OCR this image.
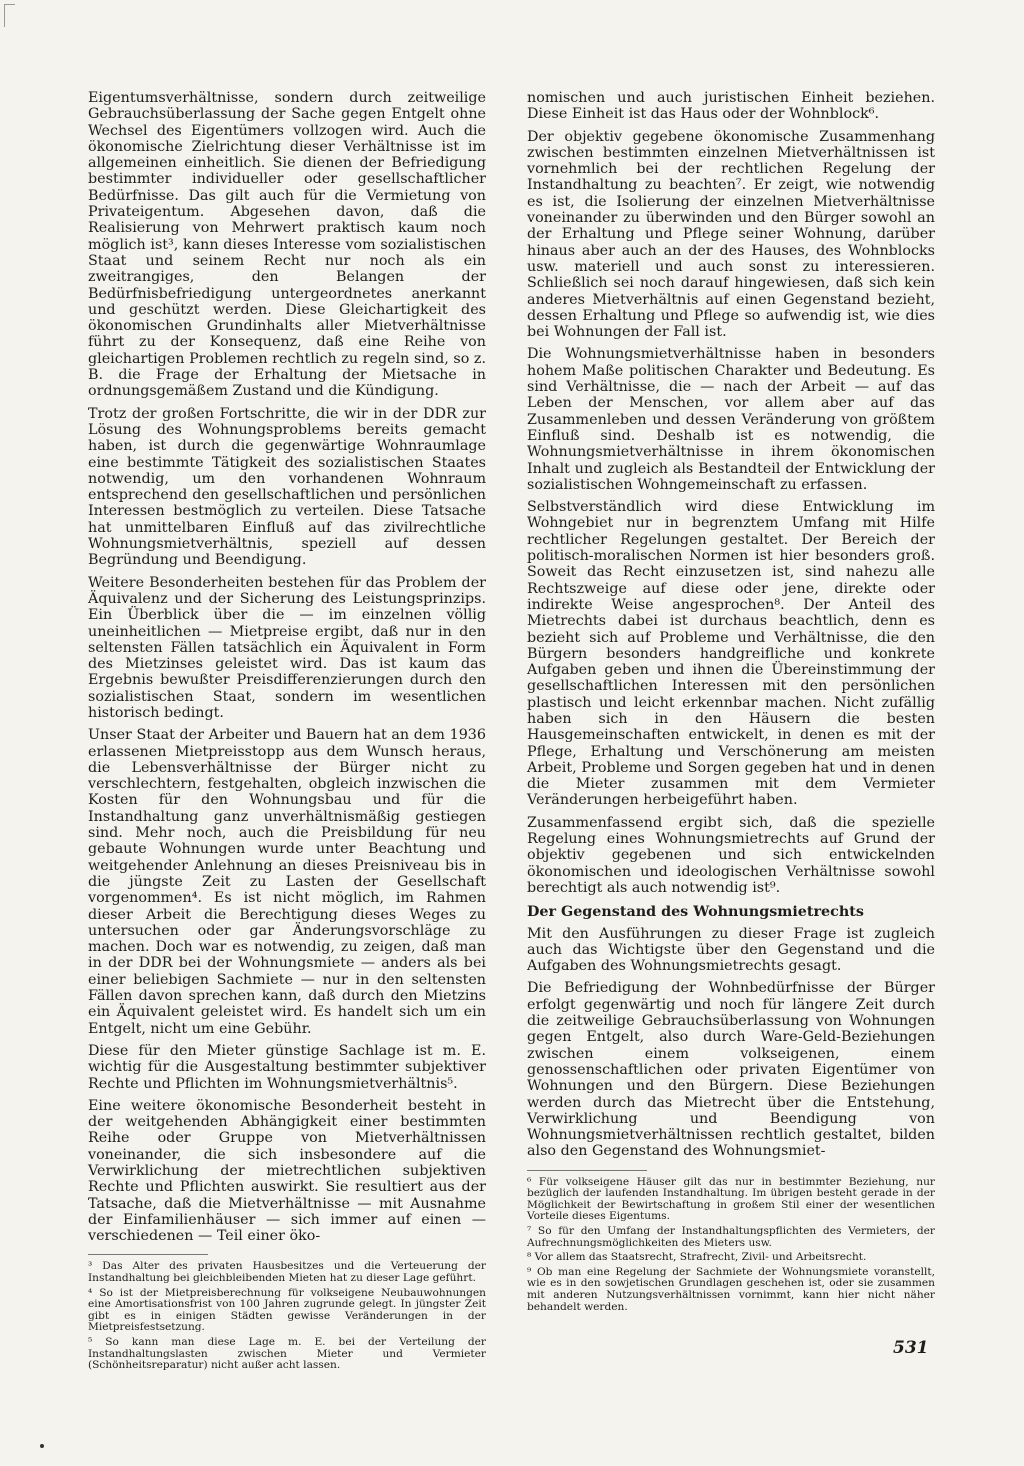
Eigentumsverhältnisse, sondern durch zeitweilige Gebrauchsüberlassung der Sache gegen Entgelt ohne Wechsel des Eigentümers vollzogen wird. Auch die ökonomische Zielrichtung dieser Verhältnisse ist im allgemeinen einheitlich. Sie dienen der Befriedigung bestimmter individueller oder gesellschaftlicher Bedürfnisse. Das gilt auch für die Vermietung von Privateigentum. Abgesehen davon, daß die Realisierung von Mehrwert praktisch kaum noch möglich ist³, kann dieses Interesse vom sozialistischen Staat und seinem Recht nur noch als ein zweitrangiges, den Belangen der Bedürfnisbefriedigung untergeordnetes anerkannt und geschützt werden. Diese Gleichartigkeit des ökonomischen Grundinhalts aller Mietverhältnisse führt zu der Konsequenz, daß eine Reihe von gleichartigen Problemen rechtlich zu regeln sind, so z. B. die Frage der Erhaltung der Mietsache in ordnungsgemäßem Zustand und die Kündigung.

Trotz der großen Fortschritte, die wir in der DDR zur Lösung des Wohnungsproblems bereits gemacht haben, ist durch die gegenwärtige Wohnraumlage eine bestimmte Tätigkeit des sozialistischen Staates notwendig, um den vorhandenen Wohnraum entsprechend den gesellschaftlichen und persönlichen Interessen bestmöglich zu verteilen. Diese Tatsache hat unmittelbaren Einfluß auf das zivilrechtliche Wohnungsmietverhältnis, speziell auf dessen Begründung und Beendigung.

Weitere Besonderheiten bestehen für das Problem der Äquivalenz und der Sicherung des Leistungsprinzips. Ein Überblick über die — im einzelnen völlig uneinheitlichen — Mietpreise ergibt, daß nur in den seltensten Fällen tatsächlich ein Äquivalent in Form des Mietzinses geleistet wird. Das ist kaum das Ergebnis bewußter Preisdifferenzierungen durch den sozialistischen Staat, sondern im wesentlichen historisch bedingt.

Unser Staat der Arbeiter und Bauern hat an dem 1936 erlassenen Mietpreisstopp aus dem Wunsch heraus, die Lebensverhältnisse der Bürger nicht zu verschlechtern, festgehalten, obgleich inzwischen die Kosten für den Wohnungsbau und für die Instandhaltung ganz unverhältnismäßig gestiegen sind. Mehr noch, auch die Preisbildung für neu gebaute Wohnungen wurde unter Beachtung und weitgehender Anlehnung an dieses Preisniveau bis in die jüngste Zeit zu Lasten der Gesellschaft vorgenommen⁴. Es ist nicht möglich, im Rahmen dieser Arbeit die Berechtigung dieses Weges zu untersuchen oder gar Änderungsvorschläge zu machen. Doch war es notwendig, zu zeigen, daß man in der DDR bei der Wohnungsmiete — anders als bei einer beliebigen Sachmiete — nur in den seltensten Fällen davon sprechen kann, daß durch den Mietzins ein Äquivalent geleistet wird. Es handelt sich um ein Entgelt, nicht um eine Gebühr.

Diese für den Mieter günstige Sachlage ist m. E. wichtig für die Ausgestaltung bestimmter subjektiver Rechte und Pflichten im Wohnungsmietverhältnis⁵.

Eine weitere ökonomische Besonderheit besteht in der weitgehenden Abhängigkeit einer bestimmten Reihe oder Gruppe von Mietverhältnissen voneinander, die sich insbesondere auf die Verwirklichung der mietrechtlichen subjektiven Rechte und Pflichten auswirkt. Sie resultiert aus der Tatsache, daß die Mietverhältnisse — mit Ausnahme der Einfamilienhäuser — sich immer auf einen — verschiedenen — Teil einer öko-

³ Das Alter des privaten Hausbesitzes und die Verteuerung der Instandhaltung bei gleichbleibenden Mieten hat zu dieser Lage geführt.

⁴ So ist der Mietpreisberechnung für volkseigene Neubauwohnungen eine Amortisationsfrist von 100 Jahren zugrunde gelegt. In jüngster Zeit gibt es in einigen Städten gewisse Veränderungen in der Mietpreisfestsetzung.

⁵ So kann man diese Lage m. E. bei der Verteilung der Instandhaltungslasten zwischen Mieter und Vermieter (Schönheitsreparatur) nicht außer acht lassen.

nomischen und auch juristischen Einheit beziehen. Diese Einheit ist das Haus oder der Wohnblock⁶.

Der objektiv gegebene ökonomische Zusammenhang zwischen bestimmten einzelnen Mietverhältnissen ist vornehmlich bei der rechtlichen Regelung der Instandhaltung zu beachten⁷. Er zeigt, wie notwendig es ist, die Isolierung der einzelnen Mietverhältnisse voneinander zu überwinden und den Bürger sowohl an der Erhaltung und Pflege seiner Wohnung, darüber hinaus aber auch an der des Hauses, des Wohnblocks usw. materiell und auch sonst zu interessieren. Schließlich sei noch darauf hingewiesen, daß sich kein anderes Mietverhältnis auf einen Gegenstand bezieht, dessen Erhaltung und Pflege so aufwendig ist, wie dies bei Wohnungen der Fall ist.

Die Wohnungsmietverhältnisse haben in besonders hohem Maße politischen Charakter und Bedeutung. Es sind Verhältnisse, die — nach der Arbeit — auf das Leben der Menschen, vor allem aber auf das Zusammenleben und dessen Veränderung von größtem Einfluß sind. Deshalb ist es notwendig, die Wohnungsmietverhältnisse in ihrem ökonomischen Inhalt und zugleich als Bestandteil der Entwicklung der sozialistischen Wohngemeinschaft zu erfassen.

Selbstverständlich wird diese Entwicklung im Wohngebiet nur in begrenztem Umfang mit Hilfe rechtlicher Regelungen gestaltet. Der Bereich der politisch-moralischen Normen ist hier besonders groß. Soweit das Recht einzusetzen ist, sind nahezu alle Rechtszweige auf diese oder jene, direkte oder indirekte Weise angesprochen⁸. Der Anteil des Mietrechts dabei ist durchaus beachtlich, denn es bezieht sich auf Probleme und Verhältnisse, die den Bürgern besonders handgreifliche und konkrete Aufgaben geben und ihnen die Übereinstimmung der gesellschaftlichen Interessen mit den persönlichen plastisch und leicht erkennbar machen. Nicht zufällig haben sich in den Häusern die besten Hausgemeinschaften entwickelt, in denen es mit der Pflege, Erhaltung und Verschönerung am meisten Arbeit, Probleme und Sorgen gegeben hat und in denen die Mieter zusammen mit dem Vermieter Veränderungen herbeigeführt haben.

Zusammenfassend ergibt sich, daß die spezielle Regelung eines Wohnungsmietrechts auf Grund der objektiv gegebenen und sich entwickelnden ökonomischen und ideologischen Verhältnisse sowohl berechtigt als auch notwendig ist⁹.

Der Gegenstand des Wohnungsmietrechts

Mit den Ausführungen zu dieser Frage ist zugleich auch das Wichtigste über den Gegenstand und die Aufgaben des Wohnungsmietrechts gesagt.

Die Befriedigung der Wohnbedürfnisse der Bürger erfolgt gegenwärtig und noch für längere Zeit durch die zeitweilige Gebrauchsüberlassung von Wohnungen gegen Entgelt, also durch Ware-Geld-Beziehungen zwischen einem volkseigenen, einem genossenschaftlichen oder privaten Eigentümer von Wohnungen und den Bürgern. Diese Beziehungen werden durch das Mietrecht über die Entstehung, Verwirklichung und Beendigung von Wohnungsmietverhältnissen rechtlich gestaltet, bilden also den Gegenstand des Wohnungsmiet-

⁶ Für volkseigene Häuser gilt das nur in bestimmter Beziehung, nur bezüglich der laufenden Instandhaltung. Im übrigen besteht gerade in der Möglichkeit der Bewirtschaftung in großem Stil einer der wesentlichen Vorteile dieses Eigentums.

⁷ So für den Umfang der Instandhaltungspflichten des Vermieters, der Aufrechnungsmöglichkeiten des Mieters usw.

⁸ Vor allem das Staatsrecht, Strafrecht, Zivil- und Arbeitsrecht.

⁹ Ob man eine Regelung der Sachmiete der Wohnungsmiete voranstellt, wie es in den sowjetischen Grundlagen geschehen ist, oder sie zusammen mit anderen Nutzungsverhältnissen vornimmt, kann hier nicht näher behandelt werden.

531
